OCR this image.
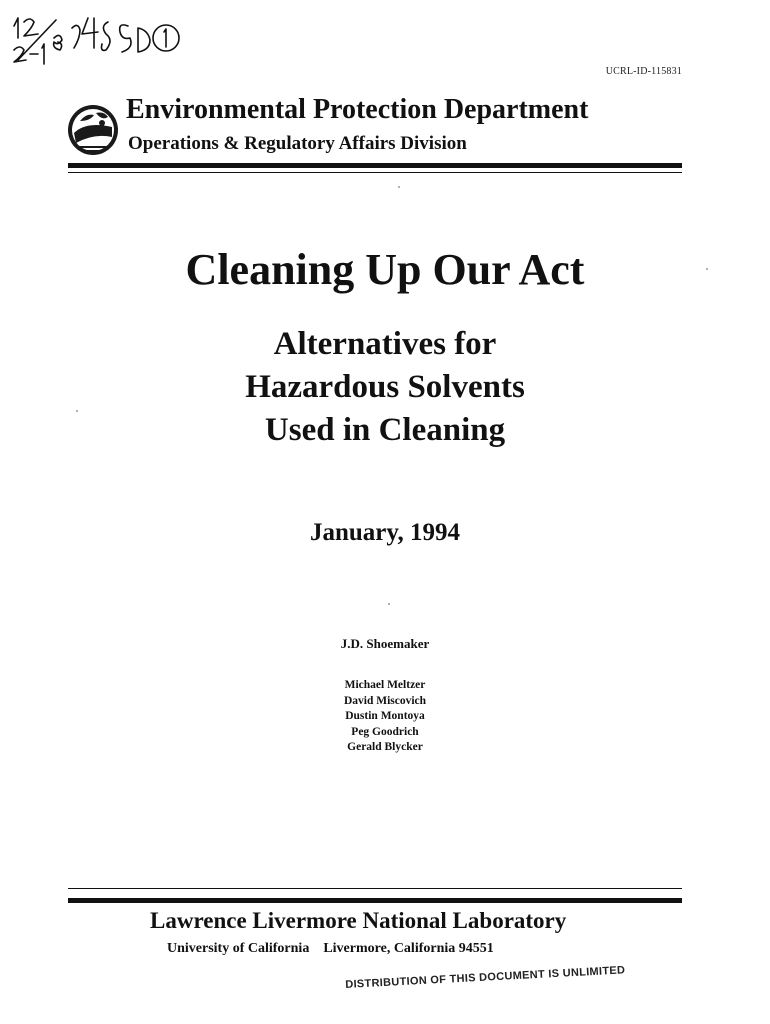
UCRL-ID-115831
Environmental Protection Department
Operations & Regulatory Affairs Division
Cleaning Up Our Act
Alternatives for
Hazardous Solvents
Used in Cleaning
January, 1994
J.D. Shoemaker
Michael Meltzer
David Miscovich
Dustin Montoya
Peg Goodrich
Gerald Blycker
Lawrence Livermore National Laboratory
University of California Livermore, California 94551
DISTRIBUTION OF THIS DOCUMENT IS UNLIMITED
